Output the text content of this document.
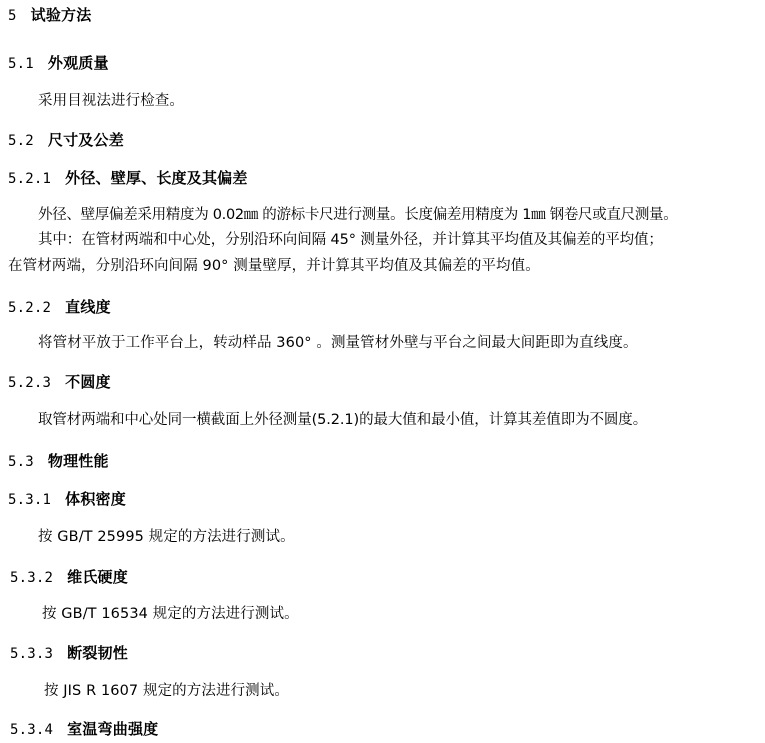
5 试验方法
5.1 外观质量
采用目视法进行检查。
5.2 尺寸及公差
5.2.1 外径、壁厚、长度及其偏差
外径、壁厚偏差采用精度为 0.02㎜ 的游标卡尺进行测量。长度偏差用精度为 1㎜ 钢卷尺或直尺测量。
其中：在管材两端和中心处，分别沿环向间隔 45° 测量外径，并计算其平均值及其偏差的平均值；
在管材两端，分别沿环向间隔 90° 测量壁厚，并计算其平均值及其偏差的平均值。
5.2.2 直线度
将管材平放于工作平台上，转动样品 360° 。测量管材外壁与平台之间最大间距即为直线度。
5.2.3 不圆度
取管材两端和中心处同一横截面上外径测量(5.2.1)的最大值和最小值，计算其差值即为不圆度。
5.3 物理性能
5.3.1 体积密度
按 GB/T 25995 规定的方法进行测试。
5.3.2 维氏硬度
按 GB/T 16534 规定的方法进行测试。
5.3.3 断裂韧性
按 JIS R 1607 规定的方法进行测试。
5.3.4 室温弯曲强度
